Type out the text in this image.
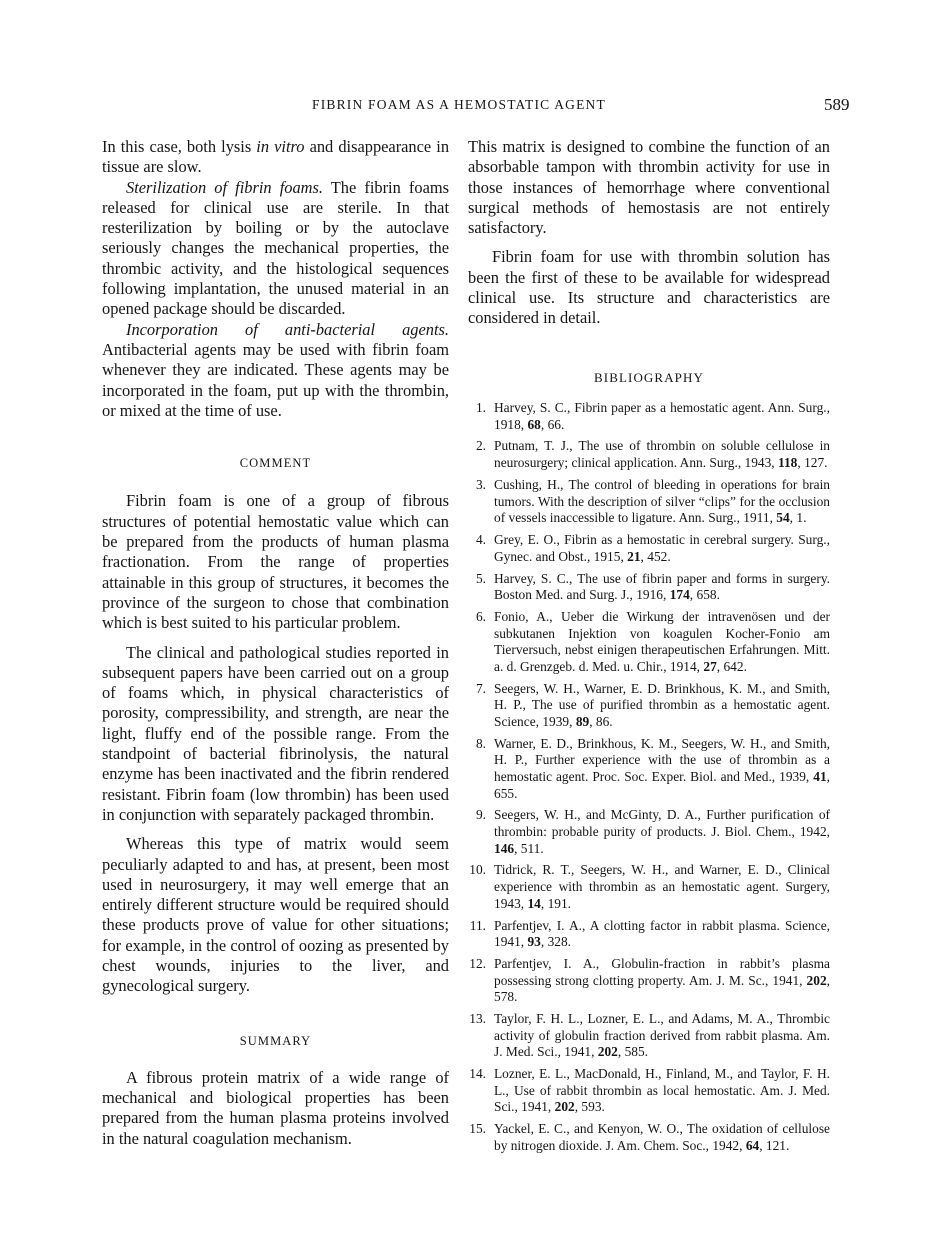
FIBRIN FOAM AS A HEMOSTATIC AGENT	589

In this case, both lysis in vitro and disappearance in tissue are slow.

Sterilization of fibrin foams. The fibrin foams released for clinical use are sterile. In that resterilization by boiling or by the autoclave seriously changes the mechanical properties, the thrombic activity, and the histological sequences following implantation, the unused material in an opened package should be discarded.

Incorporation of anti-bacterial agents. Antibacterial agents may be used with fibrin foam whenever they are indicated. These agents may be incorporated in the foam, put up with the thrombin, or mixed at the time of use.

COMMENT

Fibrin foam is one of a group of fibrous structures of potential hemostatic value which can be prepared from the products of human plasma fractionation. From the range of properties attainable in this group of structures, it becomes the province of the surgeon to chose that combination which is best suited to his particular problem.

The clinical and pathological studies reported in subsequent papers have been carried out on a group of foams which, in physical characteristics of porosity, compressibility, and strength, are near the light, fluffy end of the possible range. From the standpoint of bacterial fibrinolysis, the natural enzyme has been inactivated and the fibrin rendered resistant. Fibrin foam (low thrombin) has been used in conjunction with separately packaged thrombin.

Whereas this type of matrix would seem peculiarly adapted to and has, at present, been most used in neurosurgery, it may well emerge that an entirely different structure would be required should these products prove of value for other situations; for example, in the control of oozing as presented by chest wounds, injuries to the liver, and gynecological surgery.

SUMMARY

A fibrous protein matrix of a wide range of mechanical and biological properties has been prepared from the human plasma proteins involved in the natural coagulation mechanism.

This matrix is designed to combine the function of an absorbable tampon with thrombin activity for use in those instances of hemorrhage where conventional surgical methods of hemostasis are not entirely satisfactory.

Fibrin foam for use with thrombin solution has been the first of these to be available for widespread clinical use. Its structure and characteristics are considered in detail.

BIBLIOGRAPHY
1. Harvey, S. C., Fibrin paper as a hemostatic agent. Ann. Surg., 1918, 68, 66.
2. Putnam, T. J., The use of thrombin on soluble cellulose in neurosurgery; clinical application. Ann. Surg., 1943, 118, 127.
3. Cushing, H., The control of bleeding in operations for brain tumors. With the description of silver “clips” for the occlusion of vessels inaccessible to ligature. Ann. Surg., 1911, 54, 1.
4. Grey, E. O., Fibrin as a hemostatic in cerebral surgery. Surg., Gynec. and Obst., 1915, 21, 452.
5. Harvey, S. C., The use of fibrin paper and forms in surgery. Boston Med. and Surg. J., 1916, 174, 658.
6. Fonio, A., Ueber die Wirkung der intravenösen und der subkutanen Injektion von koagulen Kocher-Fonio am Tierversuch, nebst einigen therapeutischen Erfahrungen. Mitt. a. d. Grenzgeb. d. Med. u. Chir., 1914, 27, 642.
7. Seegers, W. H., Warner, E. D. Brinkhous, K. M., and Smith, H. P., The use of purified thrombin as a hemostatic agent. Science, 1939, 89, 86.
8. Warner, E. D., Brinkhous, K. M., Seegers, W. H., and Smith, H. P., Further experience with the use of thrombin as a hemostatic agent. Proc. Soc. Exper. Biol. and Med., 1939, 41, 655.
9. Seegers, W. H., and McGinty, D. A., Further purification of thrombin: probable purity of products. J. Biol. Chem., 1942, 146, 511.
10. Tidrick, R. T., Seegers, W. H., and Warner, E. D., Clinical experience with thrombin as an hemostatic agent. Surgery, 1943, 14, 191.
11. Parfentjev, I. A., A clotting factor in rabbit plasma. Science, 1941, 93, 328.
12. Parfentjev, I. A., Globulin-fraction in rabbit’s plasma possessing strong clotting property. Am. J. M. Sc., 1941, 202, 578.
13. Taylor, F. H. L., Lozner, E. L., and Adams, M. A., Thrombic activity of globulin fraction derived from rabbit plasma. Am. J. Med. Sci., 1941, 202, 585.
14. Lozner, E. L., MacDonald, H., Finland, M., and Taylor, F. H. L., Use of rabbit thrombin as local hemostatic. Am. J. Med. Sci., 1941, 202, 593.
15. Yackel, E. C., and Kenyon, W. O., The oxidation of cellulose by nitrogen dioxide. J. Am. Chem. Soc., 1942, 64, 121.
